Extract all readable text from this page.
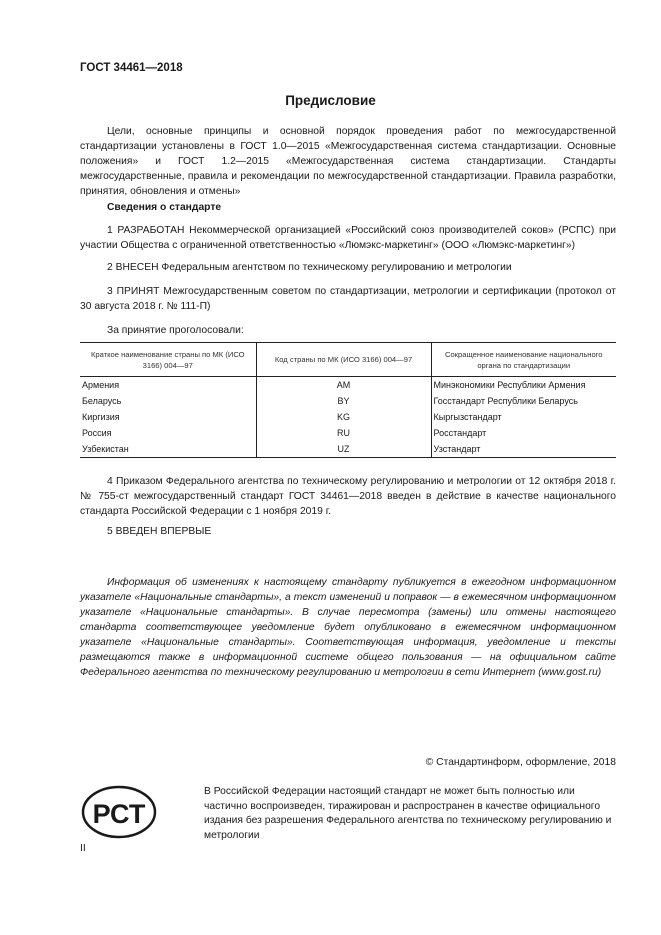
ГОСТ 34461—2018
Предисловие

Цели, основные принципы и основной порядок проведения работ по межгосударственной стандартизации установлены в ГОСТ 1.0—2015 «Межгосударственная система стандартизации. Основные положения» и ГОСТ 1.2—2015 «Межгосударственная система стандартизации. Стандарты межгосударственные, правила и рекомендации по межгосударственной стандартизации. Правила разработки, принятия, обновления и отмены»

Сведения о стандарте

1 РАЗРАБОТАН Некоммерческой организацией «Российский союз производителей соков» (РСПС) при участии Общества с ограниченной ответственностью «Люмэкс-маркетинг» (ООО «Люмэкс-маркетинг»)

2 ВНЕСЕН Федеральным агентством по техническому регулированию и метрологии

3 ПРИНЯТ Межгосударственным советом по стандартизации, метрологии и сертификации (протокол от 30 августа 2018 г. № 111-П)

За принятие проголосовали:
Краткое наименование страны по МК (ИСО 3166) 004—97	Код страны по МК (ИСО 3166) 004—97	Сокращенное наименование национального органа по стандартизации
Армения	AM	Минэкономики Республики Армения
Беларусь	BY	Госстандарт Республики Беларусь
Киргизия	KG	Кыргызстандарт
Россия	RU	Росстандарт
Узбекистан	UZ	Узстандарт

4 Приказом Федерального агентства по техническому регулированию и метрологии от 12 октября 2018 г. № 755-ст межгосударственный стандарт ГОСТ 34461—2018 введен в действие в качестве национального стандарта Российской Федерации с 1 ноября 2019 г.

5 ВВЕДЕН ВПЕРВЫЕ

Информация об изменениях к настоящему стандарту публикуется в ежегодном информационном указателе «Национальные стандарты», а текст изменений и поправок — в ежемесячном информационном указателе «Национальные стандарты». В случае пересмотра (замены) или отмены настоящего стандарта соответствующее уведомление будет опубликовано в ежемесячном информационном указателе «Национальные стандарты». Соответствующая информация, уведомление и тексты размещаются также в информационной системе общего пользования — на официальном сайте Федерального агентства по техническому регулированию и метрологии в сети Интернет (www.gost.ru)

© Стандартинформ, оформление, 2018
РСТ

В Российской Федерации настоящий стандарт не может быть полностью или частично воспроизведен, тиражирован и распространен в качестве официального издания без разрешения Федерального агентства по техническому регулированию и метрологии

II
